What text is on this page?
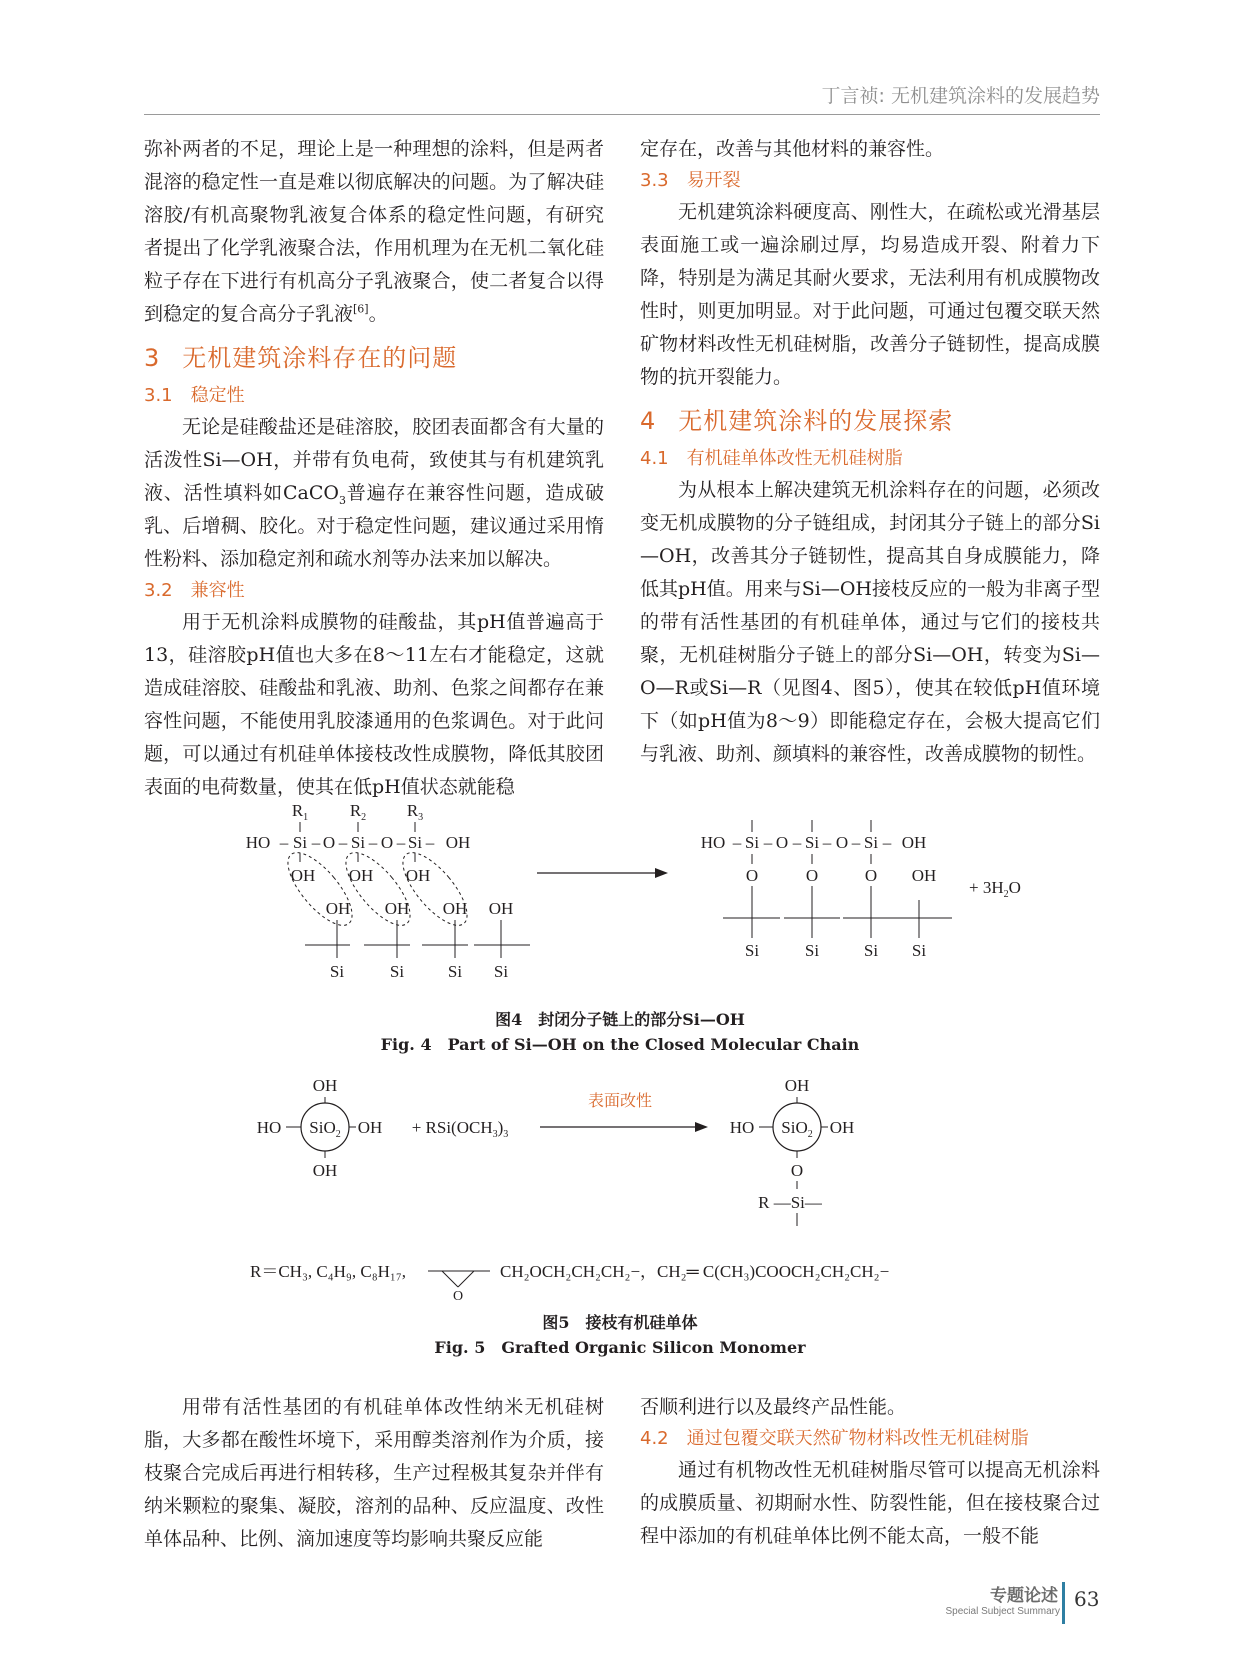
丁言祯: 无机建筑涂料的发展趋势

弥补两者的不足，理论上是一种理想的涂料，但是两者混溶的稳定性一直是难以彻底解决的问题。为了解决硅溶胶/有机高聚物乳液复合体系的稳定性问题，有研究者提出了化学乳液聚合法，作用机理为在无机二氧化硅粒子存在下进行有机高分子乳液聚合，使二者复合以得到稳定的复合高分子乳液[6]。

3 无机建筑涂料存在的问题
3.1 稳定性

无论是硅酸盐还是硅溶胶，胶团表面都含有大量的活泼性Si—OH，并带有负电荷，致使其与有机建筑乳液、活性填料如CaCO$_3$普遍存在兼容性问题，造成破乳、后增稠、胶化。对于稳定性问题，建议通过采用惰性粉料、添加稳定剂和疏水剂等办法来加以解决。

3.2 兼容性

用于无机涂料成膜物的硅酸盐，其pH值普遍高于13，硅溶胶pH值也大多在8～11左右才能稳定，这就造成硅溶胶、硅酸盐和乳液、助剂、色浆之间都存在兼容性问题，不能使用乳胶漆通用的色浆调色。对于此问题，可以通过有机硅单体接枝改性成膜物，降低其胶团表面的电荷数量，使其在低pH值状态就能稳

定存在，改善与其他材料的兼容性。

3.3 易开裂

无机建筑涂料硬度高、刚性大，在疏松或光滑基层表面施工或一遍涂刷过厚，均易造成开裂、附着力下降，特别是为满足其耐火要求，无法利用有机成膜物改性时，则更加明显。对于此问题，可通过包覆交联天然矿物材料改性无机硅树脂，改善分子链韧性，提高成膜物的抗开裂能力。

4 无机建筑涂料的发展探索
4.1 有机硅单体改性无机硅树脂

为从根本上解决建筑无机涂料存在的问题，必须改变无机成膜物的分子链组成，封闭其分子链上的部分Si—OH，改善其分子链韧性，提高其自身成膜能力，降低其pH值。用来与Si—OH接枝反应的一般为非离子型的带有活性基团的有机硅单体，通过与它们的接枝共聚，无机硅树脂分子链上的部分Si—OH，转变为Si—O—R或Si—R（见图4、图5），使其在较低pH值环境下（如pH值为8～9）即能稳定存在，会极大提高它们与乳液、助剂、颜填料的兼容性，改善成膜物的韧性。

$R_1$ $R_2$ $R_3$
HO – Si – O – Si – O – Si – OH
OH OH OH
OH OH OH OH
Si	Si	Si Si
HO – Si – O – Si – O – Si – OH
O	O	O OH
+ $3H_2O$
Si	Si	Si Si
OH
SiO$_2$
HO	OH
OH
+ $RSi(OCH_3)_3$
表面改性
OH
SiO$_2$
HO	OH
O
R —Si—
R＝CH₃, C₄H₉, C₈H₁₇,
O
CH₂OCH₂CH₂CH₂−，CH₂═ C(CH₃)COOCH₂CH₂CH₂−
图4　封闭分子链上的部分Si—OH
Fig. 4　Part of Si—OH on the Closed Molecular Chain
图5　接枝有机硅单体
Fig. 5　Grafted Organic Silicon Monomer

用带有活性基团的有机硅单体改性纳米无机硅树脂，大多都在酸性坏境下，采用醇类溶剂作为介质，接枝聚合完成后再进行相转移，生产过程极其复杂并伴有纳米颗粒的聚集、凝胶，溶剂的品种、反应温度、改性单体品种、比例、滴加速度等均影响共聚反应能

否顺利进行以及最终产品性能。

4.2 通过包覆交联天然矿物材料改性无机硅树脂

通过有机物改性无机硅树脂尽管可以提高无机涂料的成膜质量、初期耐水性、防裂性能，但在接枝聚合过程中添加的有机硅单体比例不能太高，一般不能

专题论述
Special Subject Summary
63
